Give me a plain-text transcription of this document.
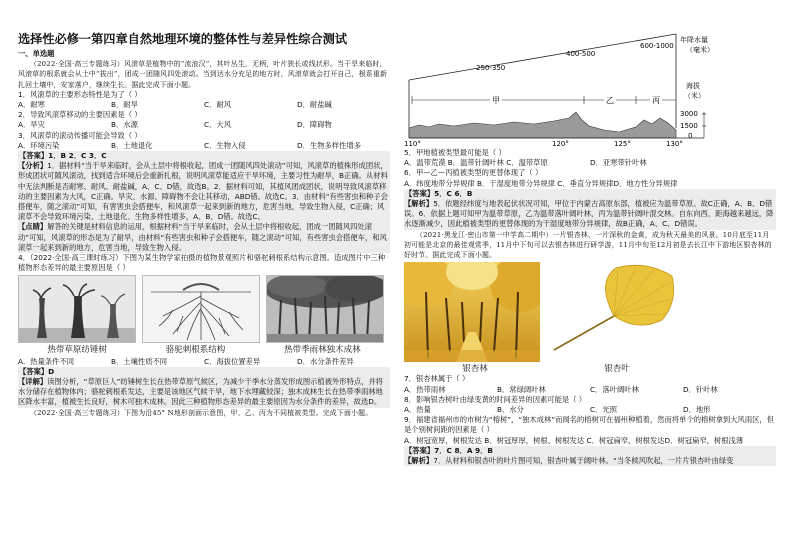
选择性必修一第四章自然地理环境的整体性与差异性综合测试

一、单选题

（2022·全国·高三专题练习）风滚草是植物中的“流浪汉”，其叶丛生，无柄，叶片狭长或线状形。当干旱来临时，风滚草的根系就会从土中“拔出”，团成一团随风四处滚动。当到达水分充足的地方时，风滚草就会打开自己，根系重新扎回土壤中，安家落户，继续生长。据此完成下面小题。

1．风滚草的主要形态特性是为了（ ）

A．耐寒	B．耐旱	C．耐风	D．耐盐碱

2．导致风滚草移动的主要因素是（ ）

A．旱灾	B．水源	C．大风	D．障碍物

3．风滚草的滚动传播可能会导致（ ）

A．环境污染	B．土地退化	C．生物入侵	D．生物多样性增多

【答案】1．B 2．C 3．C

【分析】1．据材料“当干旱来临时，会从土层中将根收起，团成一团随风四处滚动”可知，风滚草的植株形成团状，形成团状可随风滚动，找到适合环境后会重新扎根，说明风滚草能适应干旱环境，主要习性为耐旱，B正确。从材料中无法判断是否耐寒、耐风、耐盐碱，A、C、D错，故选B。2．据材料可知，其植风团成团状，说明导致风滚草移动的主要因素为大风，C正确。旱灾、水源、障碍物不会让其移动，ABD错。故选C。3．由材料“有些害虫和种子会搭便车，随之滚动”可知，有害害虫会搭便车，和风滚草一起来到新的地方，危害当地，导致生物入侵，C正确；风滚草不会导致环境污染、土地退化、生物多样性增多，A、B、D错。故选C。

【点睛】解答的关键是材料信息的运用，根据材料“当干旱来临时，会从土层中将根收起，团成一团随风四处滚动”可知，风滚草的形态是为了耐旱，由材料“有些害虫和种子会搭便车，随之滚动”可知，有些害虫会搭便车，和风滚草一起来到新的地方，危害当地，导致生物入侵。

4．（2022·全国·高三课时练习）下图为某生物学家拍摄的植物景观照片和骆驼刺根系结构示意图。造成图片中三种植物形态差异的最主要原因是（ ）

热带草原纺锤树	骆驼刺根系结构	热带季雨林独木成林
A．热量条件不同	B．土壤性质不同	C．海拔位置差异	D．水分条件差异

【答案】D

【详解】读图分析，“草原巨人”纺锤树生长在热带草原气候区，为减少干季水分蒸发形成图示植被外形特点，并将水分储存在植物体内；骆驼刺根系发达，主要是该地区气候干旱，地下水埋藏较深；独木成林生长在热带季雨林地区降水丰富，植被生长良好，树木可独木成林。因此三种植物形态差异的最主要原因为水分条件的差异，故选D。

（2022·全国·高三专题练习）下图为沿45° N地形剖面示意图，甲、乙、丙为不同植被类型。完成下面小题。

250-350
400-500
600-1000
年降水量
（毫米）
甲	乙	丙
海拔
（米）
3000
1500
0
110°	120°	125°	130°

5．甲地植被类型最可能是（ ）

A．温带荒漠 B．温带针阔叶林 C．温带草原	D．亚寒带针叶林

6．甲—乙—丙植被类型的更替体现了（ ）

A．纬度地带分异规律 B．干湿度地带分异规律 C．垂直分异规律 D．地方性分异规律

【答案】5．C 6．B

【解析】5．依题经纬度与地表起伏状况可知，甲位于内蒙古高原东部，植被应为温带草原。故C正确，A、B、D错误。6．依据上题可知甲为温带草原，乙为温带落叶阔叶林，丙为温带针阔叶混交林。自东向西，距海越来越远，降水逐渐减少，因此植被类型的更替体现的为干湿度地带分异规律，故B正确，A、C、D错误。

（2021·黑龙江·密山市第一中学高二期中）一片银杏林，一片深秋的金黄，成为秋天最美的风景。10月底至11月初可能是北京的最佳观赏季，11月中下旬可以去银杏林进行研学游，11月中旬至12月初是去长江中下游地区银杏林的好时节。据此完成下面小题。

银杏林	银杏叶

7．银杏林属于（ ）

A．热带雨林	B．常绿阔叶林	C．落叶阔叶林	D．针叶林

8．影响银杏树叶由绿变黄的时间差异的因素可能是（ ）

A．热量	B．水分	C．光照	D．地形

9．福建省福州市的市树为“榕树”，“独木成林”而闻名的榕树可在福州种植着，然而将单个的榕树拿到大风雨区，但是个别树间距的因素是（ ）

A．树冠宽厚，树根发达 B．树冠厚厚，树根、树根发达 C．树冠扁窄，树根发达 D．树冠扁窄，树根浅薄

【答案】7．C 8．A 9．B

【解析】7．从材料和银杏叶的叶片图可知，银杏叶属于阔叶林。“当冬候风吹起，一片片银杏叶由绿变
